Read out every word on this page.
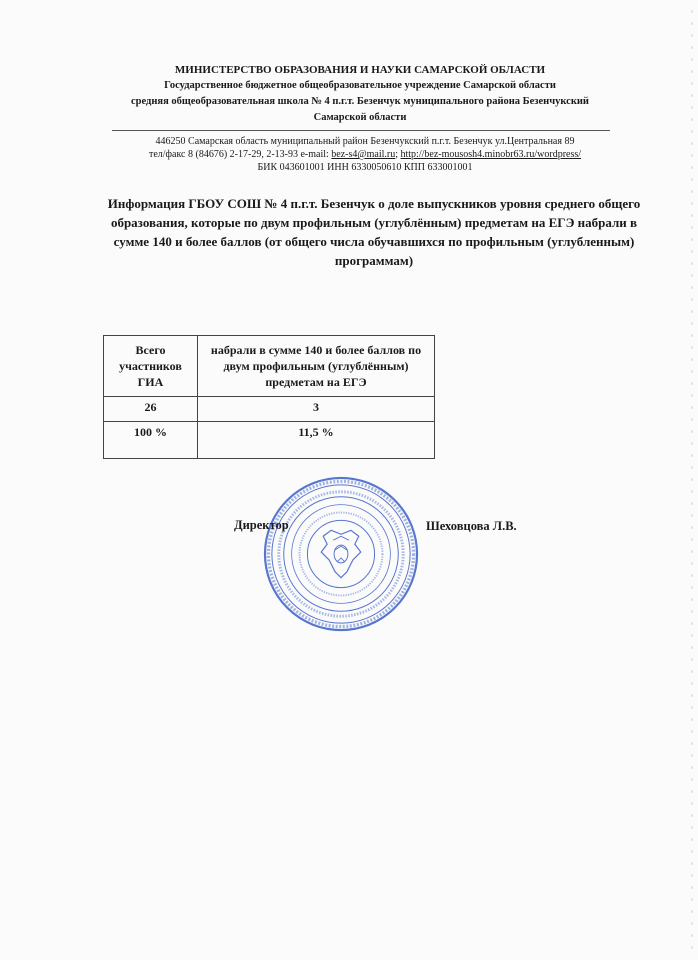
МИНИСТЕРСТВО ОБРАЗОВАНИЯ И НАУКИ САМАРСКОЙ ОБЛАСТИ
Государственное бюджетное общеобразовательное учреждение Самарской области
средняя общеобразовательная школа № 4 п.г.т. Безенчук муниципального района Безенчукский
Самарской области
446250 Самарская область муниципальный район Безенчукский п.г.т. Безенчук ул.Центральная 89
тел/факс 8 (84676) 2-17-29, 2-13-93 e-mail: bez-s4@mail.ru; http://bez-mousosh4.minobr63.ru/wordpress/
БИК 043601001 ИНН 6330050610 КПП 633001001
Информация ГБОУ СОШ № 4 п.г.т. Безенчук о доле выпускников уровня среднего общего образования, которые по двум профильным (углублённым) предметам на ЕГЭ набрали в сумме 140 и более баллов (от общего числа обучавшихся по профильным (углубленным) программам)
Всего участников ГИА	набрали в сумме 140 и более баллов по двум профильным (углублённым) предметам на ЕГЭ
26	3
100 %	11,5 %
Директор	Шеховцова Л.В.
